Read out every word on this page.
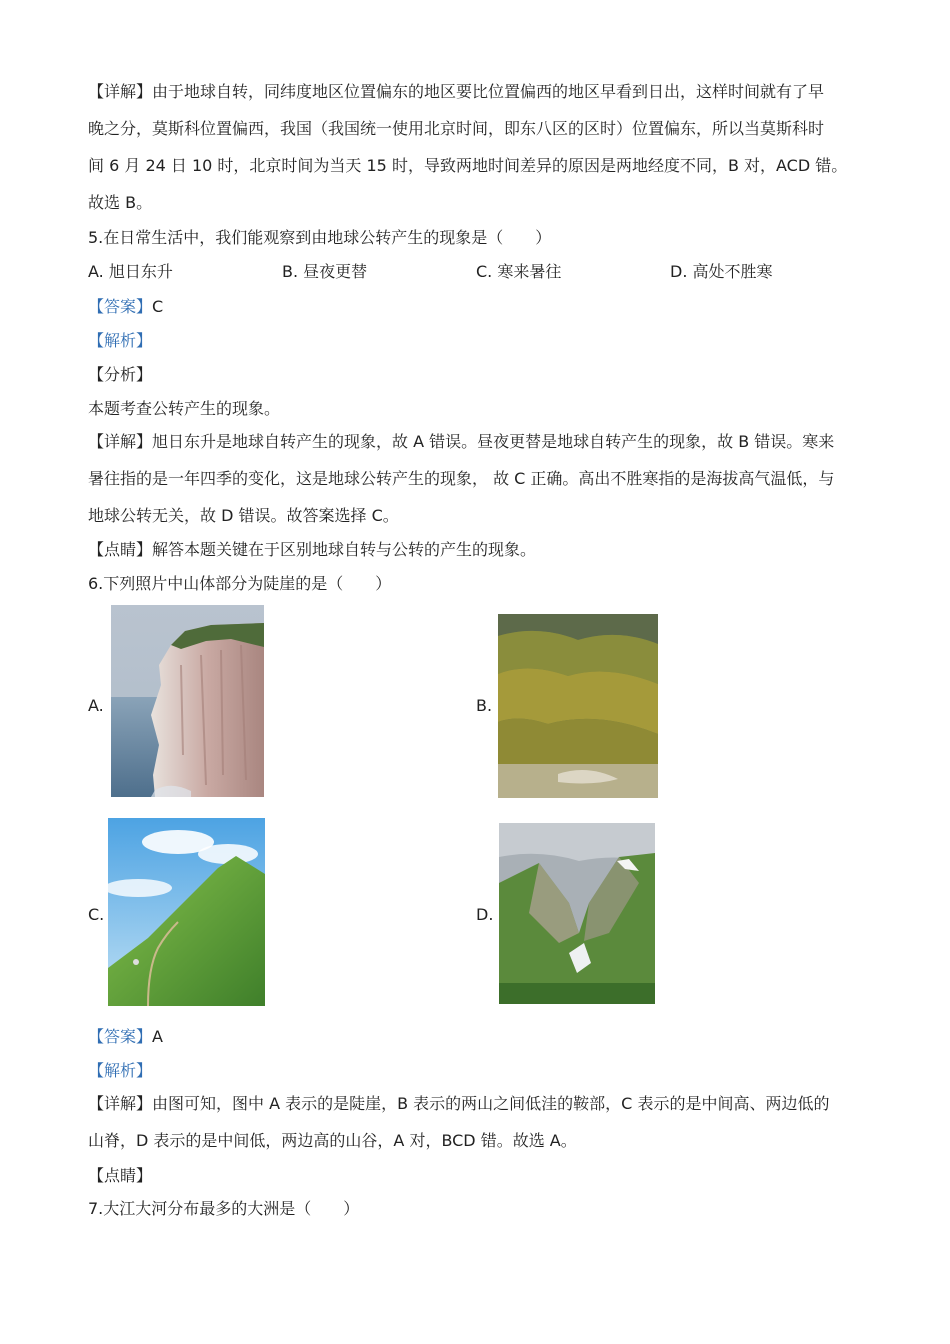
【详解】由于地球自转，同纬度地区位置偏东的地区要比位置偏西的地区早看到日出，这样时间就有了早
晚之分，莫斯科位置偏西，我国（我国统一使用北京时间，即东八区的区时）位置偏东，所以当莫斯科时
间 6 月 24 日 10 时，北京时间为当天 15 时，导致两地时间差异的原因是两地经度不同，B 对，ACD 错。
故选 B。
5.在日常生活中，我们能观察到由地球公转产生的现象是（　　）
A. 旭日东升	B. 昼夜更替	C. 寒来暑往	D. 高处不胜寒
【答案】C
【解析】
【分析】
本题考查公转产生的现象。
【详解】旭日东升是地球自转产生的现象，故 A 错误。昼夜更替是地球自转产生的现象，故 B 错误。寒来
暑往指的是一年四季的变化，这是地球公转产生的现象， 故 C 正确。高出不胜寒指的是海拔高气温低，与
地球公转无关，故 D 错误。故答案选择 C。
【点睛】解答本题关键在于区别地球自转与公转的产生的现象。
6.下列照片中山体部分为陡崖的是（　　）
A.	B.
C.	D.
【答案】A
【解析】
【详解】由图可知，图中 A 表示的是陡崖，B 表示的两山之间低洼的鞍部，C 表示的是中间高、两边低的
山脊，D 表示的是中间低，两边高的山谷，A 对，BCD 错。故选 A。
【点睛】
7.大江大河分布最多的大洲是（　　）
